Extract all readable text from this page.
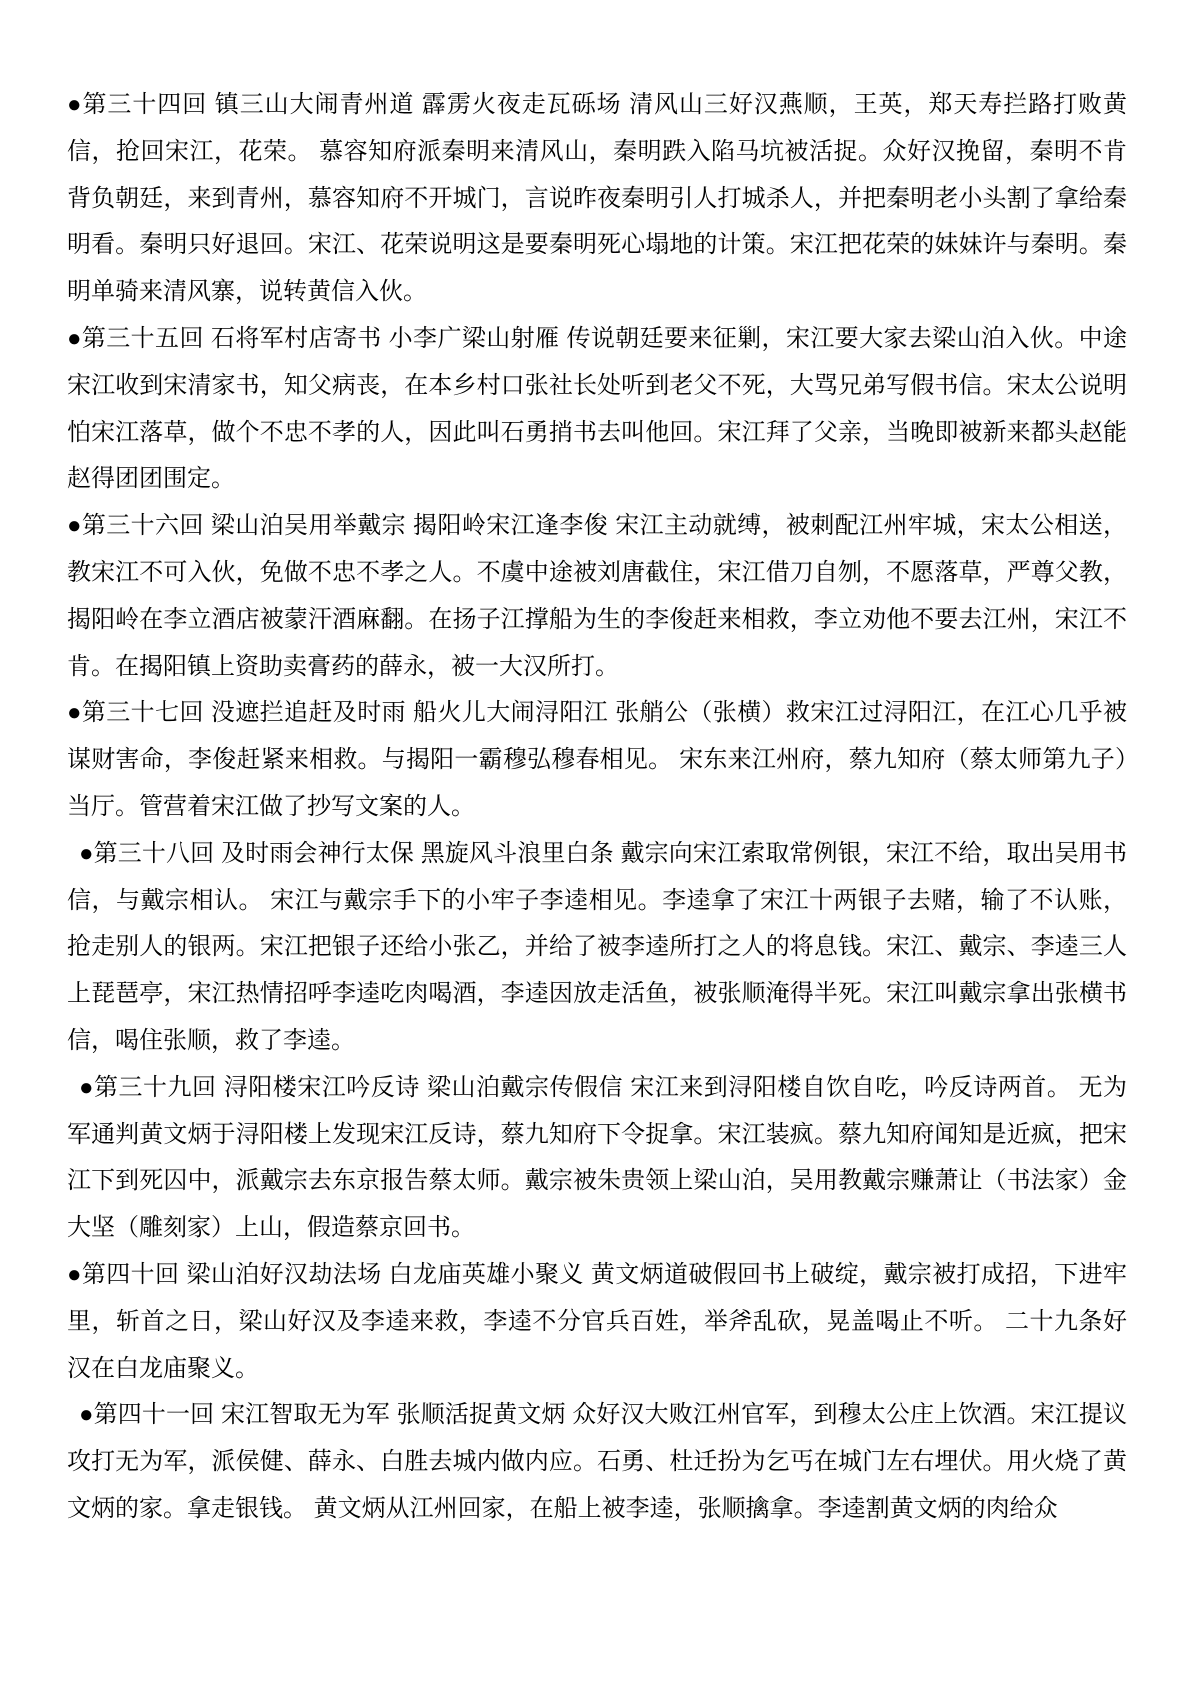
●第三十四回 镇三山大闹青州道 霹雳火夜走瓦砾场 清风山三好汉燕顺，王英，郑天寿拦路打败黄信，抢回宋江，花荣。 慕容知府派秦明来清风山，秦明跌入陷马坑被活捉。众好汉挽留，秦明不肯背负朝廷，来到青州，慕容知府不开城门，言说昨夜秦明引人打城杀人，并把秦明老小头割了拿给秦明看。秦明只好退回。宋江、花荣说明这是要秦明死心塌地的计策。宋江把花荣的妹妹许与秦明。秦明单骑来清风寨，说转黄信入伙。

●第三十五回 石将军村店寄书 小李广梁山射雁 传说朝廷要来征剿，宋江要大家去梁山泊入伙。中途宋江收到宋清家书，知父病丧，在本乡村口张社长处听到老父不死，大骂兄弟写假书信。宋太公说明怕宋江落草，做个不忠不孝的人，因此叫石勇捎书去叫他回。宋江拜了父亲，当晚即被新来都头赵能赵得团团围定。

●第三十六回 梁山泊吴用举戴宗 揭阳岭宋江逢李俊 宋江主动就缚，被刺配江州牢城，宋太公相送，教宋江不可入伙，免做不忠不孝之人。不虞中途被刘唐截住，宋江借刀自刎，不愿落草，严尊父教，揭阳岭在李立酒店被蒙汗酒麻翻。在扬子江撑船为生的李俊赶来相救，李立劝他不要去江州，宋江不肯。在揭阳镇上资助卖膏药的薛永，被一大汉所打。

●第三十七回 没遮拦追赶及时雨 船火儿大闹浔阳江 张艄公（张横）救宋江过浔阳江，在江心几乎被谋财害命，李俊赶紧来相救。与揭阳一霸穆弘穆春相见。 宋东来江州府，蔡九知府（蔡太师第九子）当厅。管营着宋江做了抄写文案的人。

●第三十八回 及时雨会神行太保 黑旋风斗浪里白条 戴宗向宋江索取常例银，宋江不给，取出吴用书信，与戴宗相认。 宋江与戴宗手下的小牢子李逵相见。李逵拿了宋江十两银子去赌，输了不认账，抢走别人的银两。宋江把银子还给小张乙，并给了被李逵所打之人的将息钱。宋江、戴宗、李逵三人上琵琶亭，宋江热情招呼李逵吃肉喝酒，李逵因放走活鱼，被张顺淹得半死。宋江叫戴宗拿出张横书信，喝住张顺，救了李逵。

●第三十九回 浔阳楼宋江吟反诗 梁山泊戴宗传假信 宋江来到浔阳楼自饮自吃，吟反诗两首。 无为军通判黄文炳于浔阳楼上发现宋江反诗，蔡九知府下令捉拿。宋江装疯。蔡九知府闻知是近疯，把宋江下到死囚中，派戴宗去东京报告蔡太师。戴宗被朱贵领上梁山泊，吴用教戴宗赚萧让（书法家）金大坚（雕刻家）上山，假造蔡京回书。

●第四十回 梁山泊好汉劫法场 白龙庙英雄小聚义 黄文炳道破假回书上破绽，戴宗被打成招，下进牢里，斩首之日，梁山好汉及李逵来救，李逵不分官兵百姓，举斧乱砍，晃盖喝止不听。 二十九条好汉在白龙庙聚义。

●第四十一回 宋江智取无为军 张顺活捉黄文炳 众好汉大败江州官军，到穆太公庄上饮酒。宋江提议攻打无为军，派侯健、薛永、白胜去城内做内应。石勇、杜迁扮为乞丐在城门左右埋伏。用火烧了黄文炳的家。拿走银钱。 黄文炳从江州回家，在船上被李逵，张顺擒拿。李逵割黄文炳的肉给众
